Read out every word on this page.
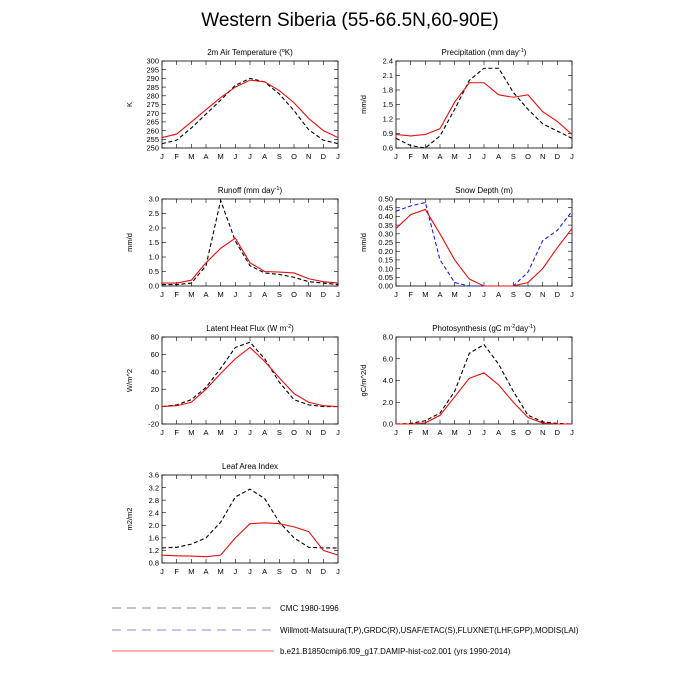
Western Siberia (55-66.5N,60-90E)
2m Air Temperature ($^o$K)
250
255
260
265
270
275
280
285
290
295
300
J F M A M J J A S O N D J
K
Precipitation (mm day$^{-1}$)
0.6
0.9
1.2
1.5
1.8
2.1
2.4
J F M A M J J A S O N D J
mm/d
Runoff (mm day$^{-1}$)
0.0
0.5
1.0
1.5
2.0
2.5
3.0
J F M A M J J A S O N D J
mm/d
Snow Depth (m)
0.00
0.05
0.10
0.15
0.20
0.25
0.30
0.35
0.40
0.45
0.50
J F M A M J J A S O N D J
mm/d
Latent Heat Flux (W $m^{-2}$)
-20
0
20
40
60
80
J F M A M J J A S O N D J
W/m^2
Photosynthesis (gC $m^{-2}day^{-1}$)
0.0
2.0
4.0
6.0
8.0
J F M A M J J A S O N D J
gC/m^2/d
Leaf Area Index
0.8
1.2
1.6
2.0
2.4
2.8
3.2
3.6
J F M A M J J A S O N D J
m2/m2
CMC 1980-1996
Willmott-Matsuura(T,P),GRDC(R),USAF/ETAC(S),FLUXNET(LHF,GPP),MODIS(LAI)
b.e21.B1850cmip6.f09_g17.DAMIP-hist-co2.001 (yrs 1990-2014)
